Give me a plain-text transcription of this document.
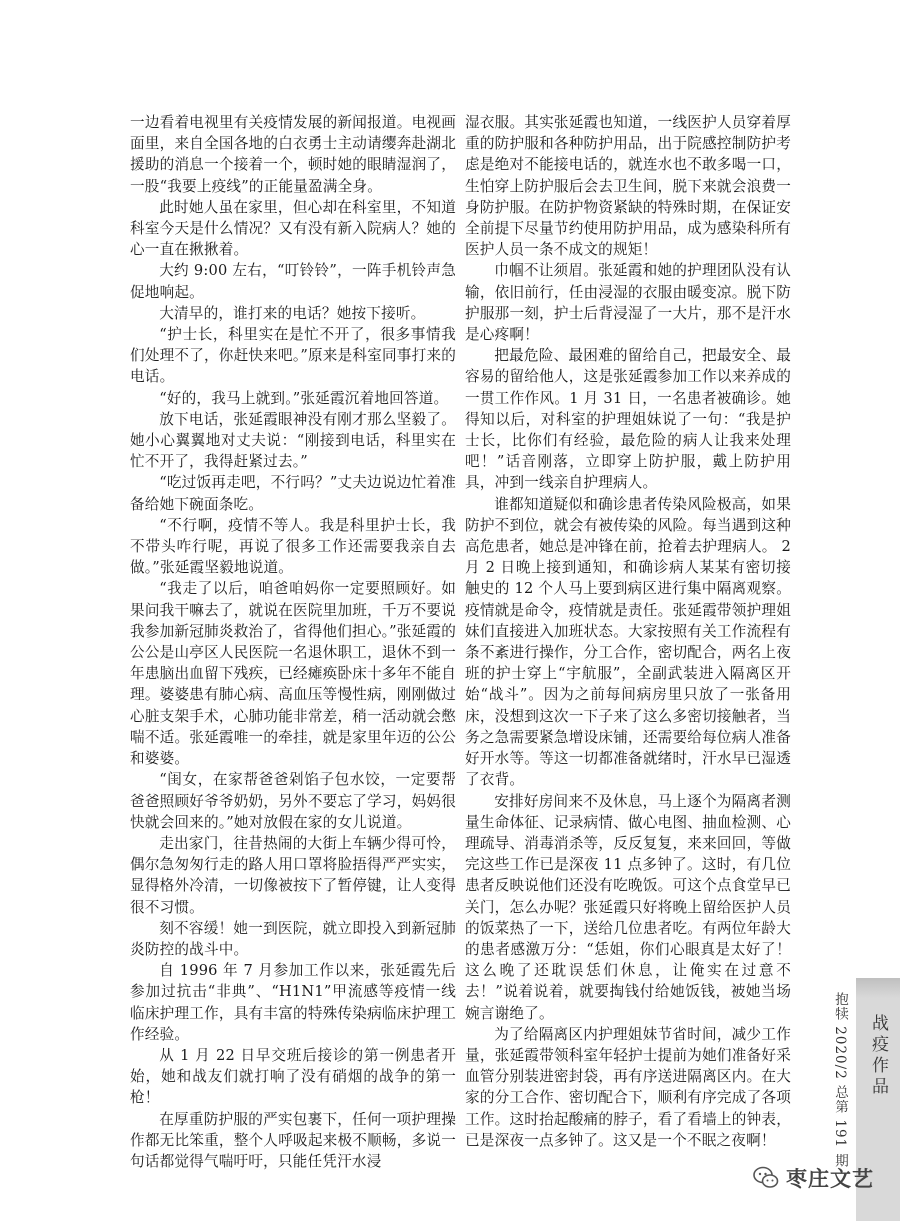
一边看着电视里有关疫情发展的新闻报道。电视画面里，来自全国各地的白衣勇士主动请缨奔赴湖北援助的消息一个接着一个，顿时她的眼睛湿润了，一股“我要上疫线”的正能量盈满全身。

此时她人虽在家里，但心却在科室里，不知道科室今天是什么情况？又有没有新入院病人？她的心一直在揪揪着。

大约 9:00 左右，“叮铃铃”，一阵手机铃声急促地响起。

大清早的，谁打来的电话？她按下接听。

“护士长，科里实在是忙不开了，很多事情我们处理不了，你赶快来吧。”原来是科室同事打来的电话。

“好的，我马上就到。”张延霞沉着地回答道。

放下电话，张延霞眼神没有刚才那么坚毅了。她小心翼翼地对丈夫说：“刚接到电话，科里实在忙不开了，我得赶紧过去。”

“吃过饭再走吧，不行吗？”丈夫边说边忙着准备给她下碗面条吃。

“不行啊，疫情不等人。我是科里护士长，我不带头咋行呢，再说了很多工作还需要我亲自去做。”张延霞坚毅地说道。

“我走了以后，咱爸咱妈你一定要照顾好。如果问我干嘛去了，就说在医院里加班，千万不要说我参加新冠肺炎救治了，省得他们担心。”张延霞的公公是山亭区人民医院一名退休职工，退休不到一年患脑出血留下残疾，已经瘫痪卧床十多年不能自理。婆婆患有肺心病、高血压等慢性病，刚刚做过心脏支架手术，心肺功能非常差，稍一活动就会憋喘不适。张延霞唯一的牵挂，就是家里年迈的公公和婆婆。

“闺女，在家帮爸爸剁馅子包水饺，一定要帮爸爸照顾好爷爷奶奶，另外不要忘了学习，妈妈很快就会回来的。”她对放假在家的女儿说道。

走出家门，往昔热闹的大街上车辆少得可怜，偶尔急匆匆行走的路人用口罩将脸捂得严严实实，显得格外冷清，一切像被按下了暂停键，让人变得很不习惯。

刻不容缓！她一到医院，就立即投入到新冠肺炎防控的战斗中。

自 1996 年 7 月参加工作以来，张延霞先后参加过抗击“非典”、“H1N1”甲流感等疫情一线临床护理工作，具有丰富的特殊传染病临床护理工作经验。

从 1 月 22 日早交班后接诊的第一例患者开始，她和战友们就打响了没有硝烟的战争的第一枪！

在厚重防护服的严实包裹下，任何一项护理操作都无比笨重，整个人呼吸起来极不顺畅，多说一句话都觉得气喘吁吁，只能任凭汗水浸

湿衣服。其实张延霞也知道，一线医护人员穿着厚重的防护服和各种防护用品，出于院感控制防护考虑是绝对不能接电话的，就连水也不敢多喝一口，生怕穿上防护服后会去卫生间，脱下来就会浪费一身防护服。在防护物资紧缺的特殊时期，在保证安全前提下尽量节约使用防护用品，成为感染科所有医护人员一条不成文的规矩！

巾帼不让须眉。张延霞和她的护理团队没有认输，依旧前行，任由浸湿的衣服由暖变凉。脱下防护服那一刻，护士后背浸湿了一大片，那不是汗水是心疼啊！

把最危险、最困难的留给自己，把最安全、最容易的留给他人，这是张延霞参加工作以来养成的一贯工作作风。1 月 31 日，一名患者被确诊。她得知以后，对科室的护理姐妹说了一句：“我是护士长，比你们有经验，最危险的病人让我来处理吧！”话音刚落，立即穿上防护服，戴上防护用具，冲到一线亲自护理病人。

谁都知道疑似和确诊患者传染风险极高，如果防护不到位，就会有被传染的风险。每当遇到这种高危患者，她总是冲锋在前，抢着去护理病人。 2 月 2 日晚上接到通知，和确诊病人某某有密切接触史的 12 个人马上要到病区进行集中隔离观察。疫情就是命令，疫情就是责任。张延霞带领护理姐妹们直接进入加班状态。大家按照有关工作流程有条不紊进行操作，分工合作，密切配合，两名上夜班的护士穿上“宇航服”，全副武装进入隔离区开始“战斗”。因为之前每间病房里只放了一张备用床，没想到这次一下子来了这么多密切接触者，当务之急需要紧急增设床铺，还需要给每位病人准备好开水等。等这一切都准备就绪时，汗水早已湿透了衣背。

安排好房间来不及休息，马上逐个为隔离者测量生命体征、记录病情、做心电图、抽血检测、心理疏导、消毒消杀等，反反复复，来来回回，等做完这些工作已是深夜 11 点多钟了。这时，有几位患者反映说他们还没有吃晚饭。可这个点食堂早已关门，怎么办呢？张延霞只好将晚上留给医护人员的饭菜热了一下，送给几位患者吃。有两位年龄大的患者感激万分：“恁姐，你们心眼真是太好了！这么晚了还耽误恁们休息，让俺实在过意不去！”说着说着，就要掏钱付给她饭钱，被她当场婉言谢绝了。

为了给隔离区内护理姐妹节省时间，减少工作量，张延霞带领科室年轻护士提前为她们准备好采血管分别装进密封袋，再有序送进隔离区内。在大家的分工合作、密切配合下，顺利有序完成了各项工作。这时抬起酸痛的脖子，看了看墙上的钟表，已是深夜一点多钟了。这又是一个不眠之夜啊！

战疫作品
抱犊 2020/2 总第 191 期
枣庄文艺
